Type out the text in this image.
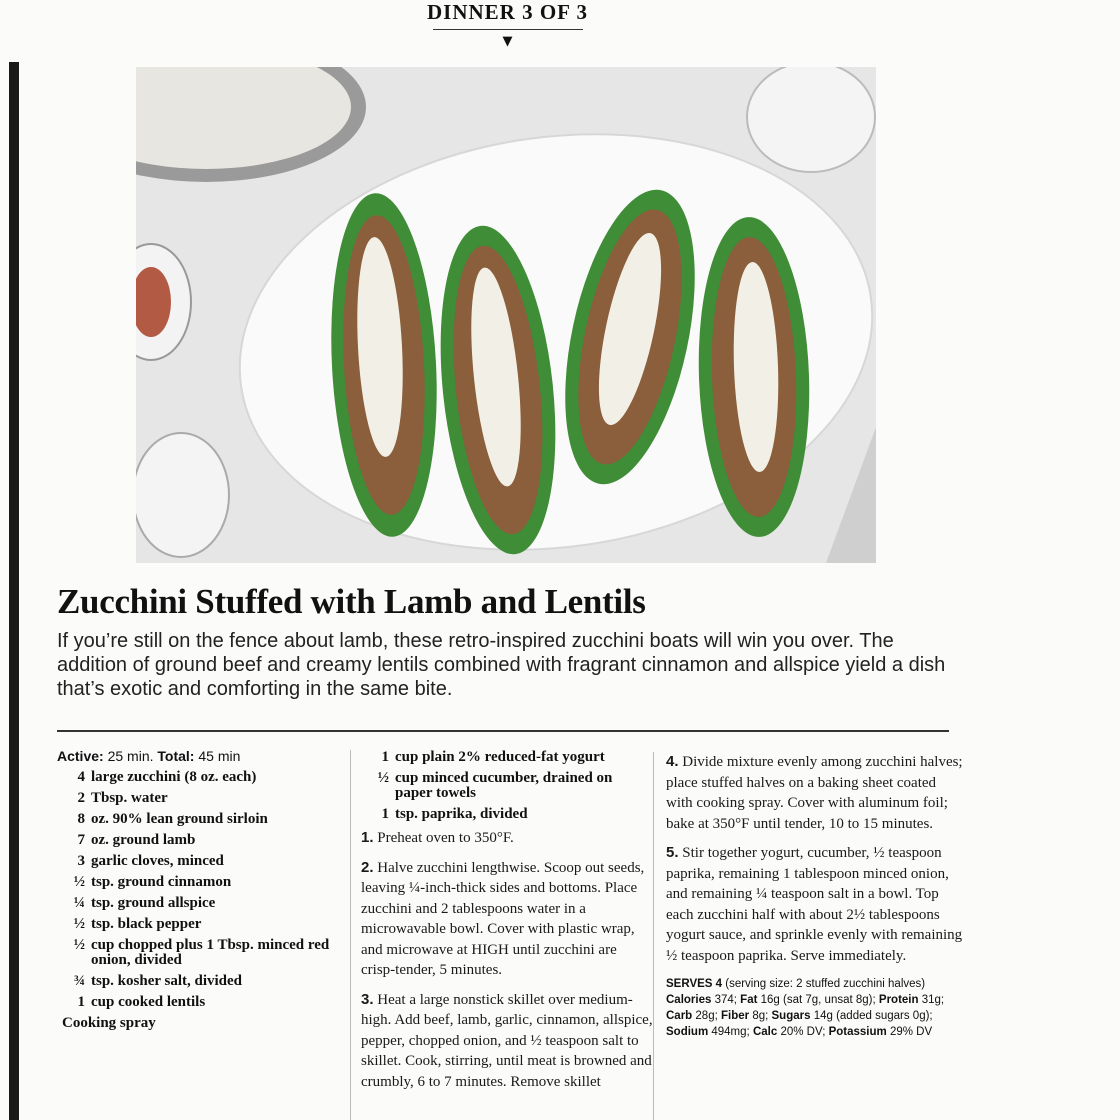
DINNER 3 OF 3
▼
Zucchini Stuffed with Lamb and Lentils

If you’re still on the fence about lamb, these retro-inspired zucchini boats will win you over. The addition of ground beef and creamy lentils combined with fragrant cinnamon and allspice yield a dish that’s exotic and comforting in the same bite.

Active: 25 min. Total: 45 min

4 large zucchini (8 oz. each)
2 Tbsp. water
8 oz. 90% lean ground sirloin
7 oz. ground lamb
3 garlic cloves, minced
½ tsp. ground cinnamon
¼ tsp. ground allspice
½ tsp. black pepper
½ cup chopped plus 1 Tbsp. minced red onion, divided
¾ tsp. kosher salt, divided
1 cup cooked lentils
Cooking spray
1 cup plain 2% reduced-fat yogurt
½ cup minced cucumber, drained on paper towels
1 tsp. paprika, divided

1. Preheat oven to 350°F.

2. Halve zucchini lengthwise. Scoop out seeds, leaving ¼-inch-thick sides and bottoms. Place zucchini and 2 tablespoons water in a microwavable bowl. Cover with plastic wrap, and microwave at HIGH until zucchini are crisp-tender, 5 minutes.

3. Heat a large nonstick skillet over medium-high. Add beef, lamb, garlic, cinnamon, allspice, pepper, chopped onion, and ½ teaspoon salt to skillet. Cook, stirring, until meat is browned and crumbly, 6 to 7 minutes. Remove skillet

4. Divide mixture evenly among zucchini halves; place stuffed halves on a baking sheet coated with cooking spray. Cover with aluminum foil; bake at 350°F until tender, 10 to 15 minutes.

5. Stir together yogurt, cucumber, ½ teaspoon paprika, remaining 1 tablespoon minced onion, and remaining ¼ teaspoon salt in a bowl. Top each zucchini half with about 2½ tablespoons yogurt sauce, and sprinkle evenly with remaining ½ teaspoon paprika. Serve immediately.

SERVES 4 (serving size: 2 stuffed zucchini halves) Calories 374; Fat 16g (sat 7g, unsat 8g); Protein 31g; Carb 28g; Fiber 8g; Sugars 14g (added sugars 0g); Sodium 494mg; Calc 20% DV; Potassium 29% DV
